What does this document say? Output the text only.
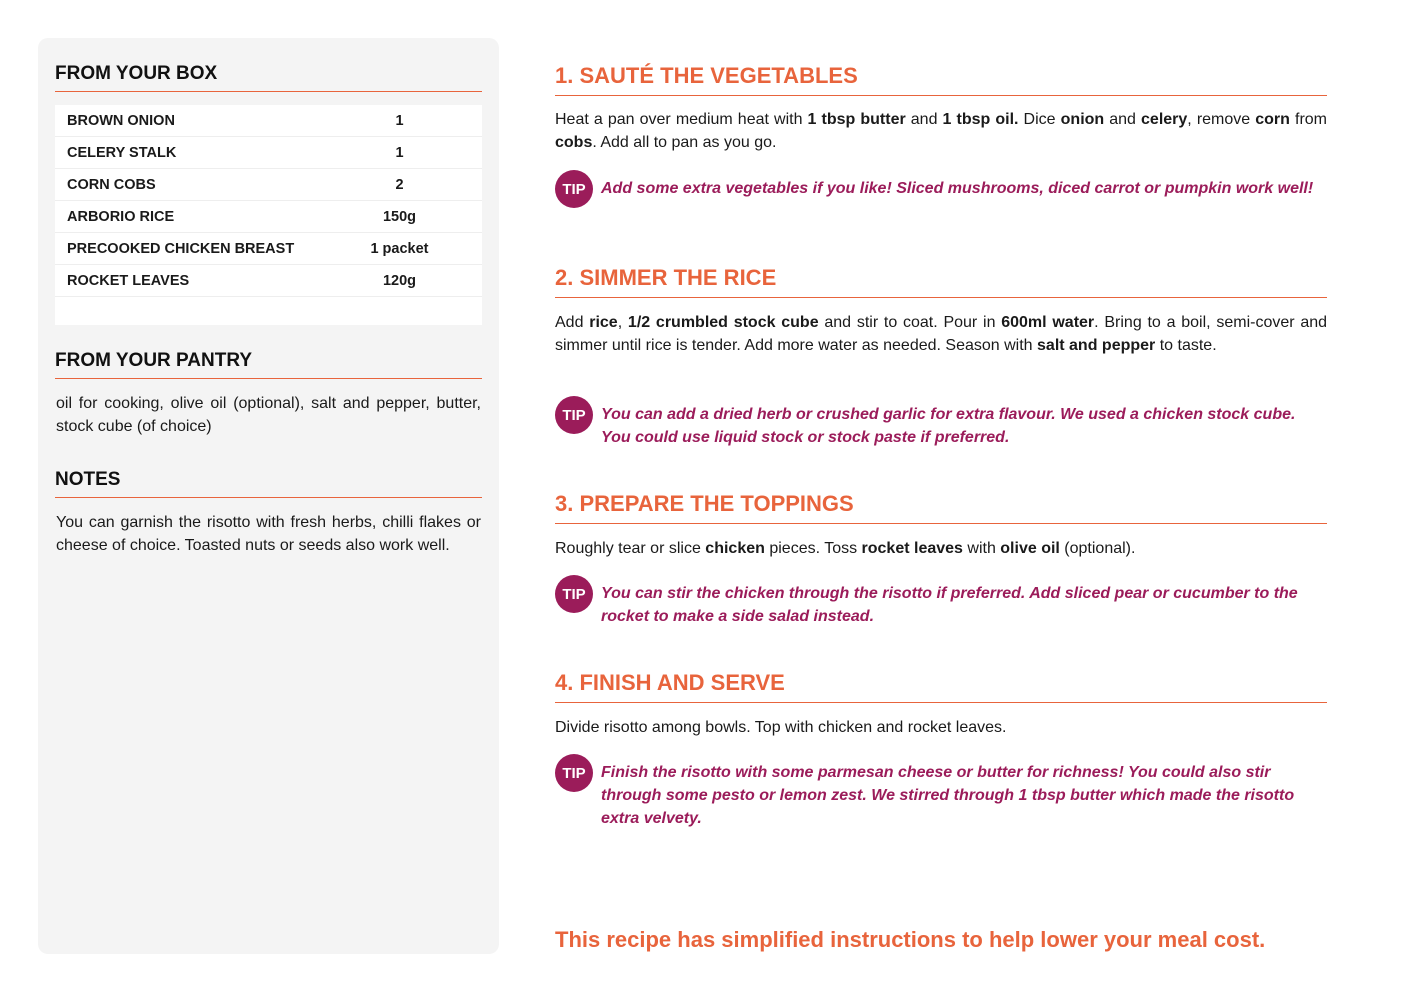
FROM YOUR BOX
BROWN ONION	1
CELERY STALK	1
CORN COBS	2
ARBORIO RICE	150g
PRECOOKED CHICKEN BREAST	1 packet
ROCKET LEAVES	120g
FROM YOUR PANTRY
oil for cooking, olive oil (optional), salt and pepper, butter, stock cube (of choice)
NOTES
You can garnish the risotto with fresh herbs, chilli flakes or cheese of choice. Toasted nuts or seeds also work well.
1. SAUTÉ THE VEGETABLES
Heat a pan over medium heat with 1 tbsp butter and 1 tbsp oil. Dice onion and celery, remove corn from cobs. Add all to pan as you go.
TIP Add some extra vegetables if you like! Sliced mushrooms, diced carrot or pumpkin work well!
2. SIMMER THE RICE
Add rice, 1/2 crumbled stock cube and stir to coat. Pour in 600ml water. Bring to a boil, semi-cover and simmer until rice is tender. Add more water as needed. Season with salt and pepper to taste.
TIP You can add a dried herb or crushed garlic for extra flavour. We used a chicken stock cube. You could use liquid stock or stock paste if preferred.
3. PREPARE THE TOPPINGS
Roughly tear or slice chicken pieces. Toss rocket leaves with olive oil (optional).
TIP You can stir the chicken through the risotto if preferred. Add sliced pear or cucumber to the rocket to make a side salad instead.
4. FINISH AND SERVE
Divide risotto among bowls. Top with chicken and rocket leaves.
TIP Finish the risotto with some parmesan cheese or butter for richness! You could also stir through some pesto or lemon zest. We stirred through 1 tbsp butter which made the risotto extra velvety.
This recipe has simplified instructions to help lower your meal cost.
